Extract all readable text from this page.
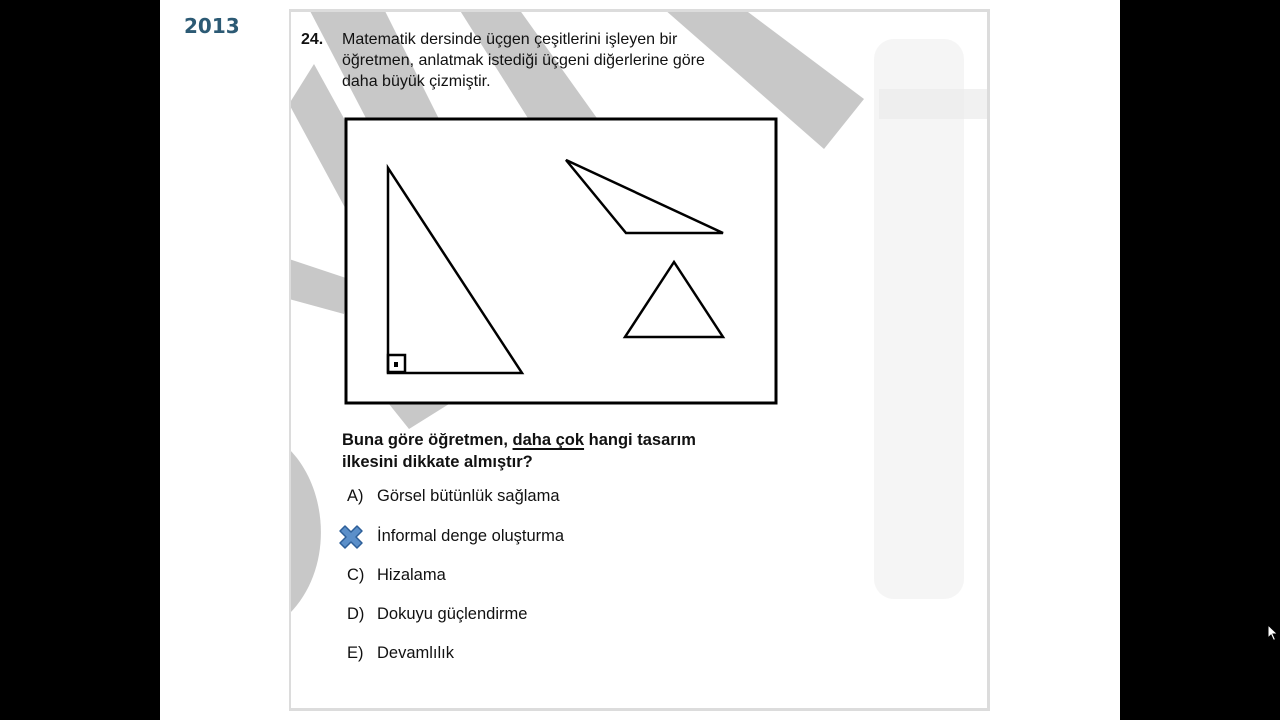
2013
24. Matematik dersinde üçgen çeşitlerini işleyen bir
öğretmen, anlatmak istediği üçgeni diğerlerine göre
daha büyük çizmiştir.
Buna göre öğretmen, daha çok hangi tasarım
ilkesini dikkate almıştır?
A) Görsel bütünlük sağlama
İnformal denge oluşturma
C) Hizalama
D) Dokuyu güçlendirme
E) Devamlılık
